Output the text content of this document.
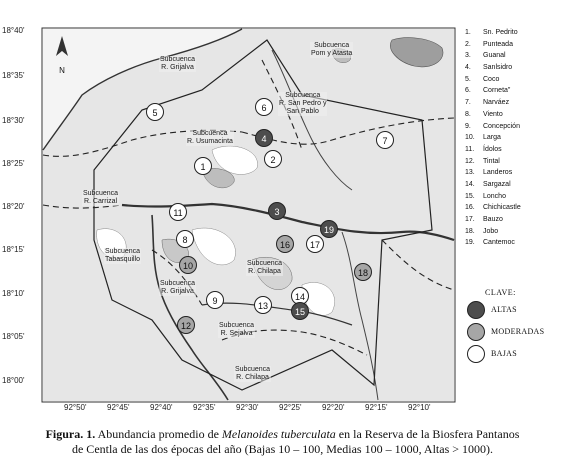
18°40'
18°35'
18°30'
18°25'
18°20'
18°15'
18°10'
18°05'
18°00'
92°50'	92°45'	92°40'	92°35'	92°30'	92°25'	92°20'	92°15'	92°10'
N
Subcuenca
R. Grijalva
Subcuenca
Pom y Atasta
Subcuenca
R. San Pedro y
San Pablo
Subcuenca
R. Usumacinta
Subcuenca
R. Carrizal
Subcuenca
Tabasquillo
Subcuenca
R. Chilapa
Subcuenca
R. Grijalva
Subcuenca
R. Sejalva
Subcuenca
R. Chilapa
1
2
3
4
5	6
7
8
9
10
11
12
13
14
15
16	17
18
19
1. Sn. Pedrito
2. Punteada
3. Guanal
4. Sanlsidro
5. Coco
6. Corneta"
7. Narváez
8. Viento
9. Concepción
10. Larga
11. Ídolos
12. Tintal
13. Landeros
14. Sargazal
15. Loncho
16. Chichicastle
17. Bauzo
18. Jobo
19. Cantemoc
CLAVE:
ALTAS
MODERADAS
BAJAS
Figura. 1. Abundancia promedio de Melanoides tuberculata en la Reserva de la Biosfera Pantanos
de Centla de las dos épocas del año (Bajas 10 – 100, Medias 100 – 1000, Altas > 1000).
